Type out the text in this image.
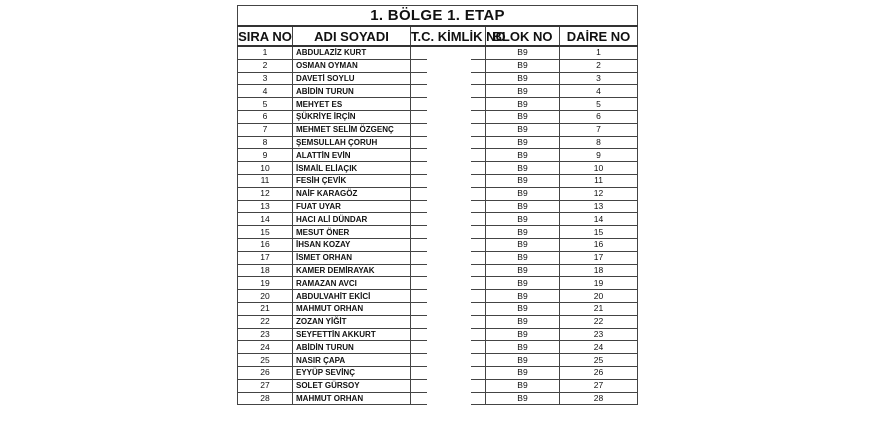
1. BÖLGE 1. ETAP						
SIRA NO	ADI SOYADI	T.C. KİMLİK NO			BLOK NO	DAİRE NO
1	ABDULAZİZ KURT				B9	1
2	OSMAN OYMAN				B9	2
3	DAVETİ SOYLU				B9	3
4	ABİDİN TURUN				B9	4
5	MEHYET ES				B9	5
6	ŞÜKRİYE İRÇİN				B9	6
7	MEHMET SELİM ÖZGENÇ				B9	7
8	ŞEMSULLAH ÇORUH				B9	8
9	ALATTİN EVİN				B9	9
10	İSMAİL ELİAÇIK				B9	10
11	FESİH ÇEVİK				B9	11
12	NAİF KARAGÖZ				B9	12
13	FUAT UYAR				B9	13
14	HACI ALİ DÜNDAR				B9	14
15	MESUT ÖNER				B9	15
16	İHSAN KOZAY				B9	16
17	İSMET ORHAN				B9	17
18	KAMER DEMİRAYAK				B9	18
19	RAMAZAN AVCI				B9	19
20	ABDULVAHİT EKİCİ				B9	20
21	MAHMUT ORHAN				B9	21
22	ZOZAN YİĞİT				B9	22
23	SEYFETTİN AKKURT				B9	23
24	ABİDİN TURUN				B9	24
25	NASIR ÇAPA				B9	25
26	EYYÜP SEVİNÇ				B9	26
27	SOLET GÜRSOY				B9	27
28	MAHMUT ORHAN				B9	28
